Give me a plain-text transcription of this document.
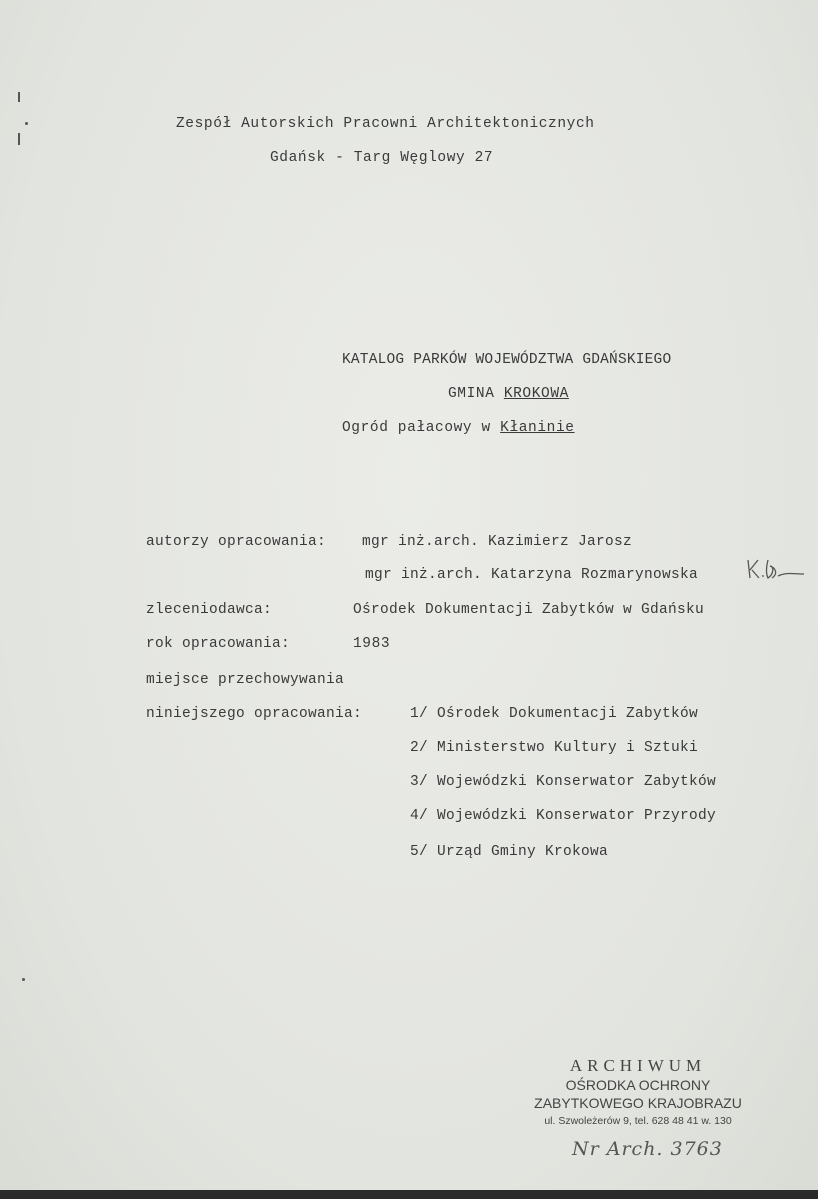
Zespół Autorskich Pracowni Architektonicznych
Gdańsk - Targ Węglowy 27
KATALOG PARKÓW WOJEWÓDZTWA GDAŃSKIEGO
GMINA KROKOWA
Ogród pałacowy w Kłaninie
autorzy opracowania: mgr inż.arch. Kazimierz Jarosz
mgr inż.arch. Katarzyna Rozmarynowska
zleceniodawca:	Ośrodek Dokumentacji Zabytków w Gdańsku
rok opracowania:	1983
miejsce przechowywania
niniejszego opracowania:	1/ Ośrodek Dokumentacji Zabytków
2/ Ministerstwo Kultury i Sztuki
3/ Wojewódzki Konserwator Zabytków
4/ Wojewódzki Konserwator Przyrody
5/ Urząd Gminy Krokowa
ARCHIWUM
OŚRODKA OCHRONY
ZABYTKOWEGO KRAJOBRAZU
ul. Szwoleżerów 9, tel. 628 48 41 w. 130
Nr Arch. 3763
